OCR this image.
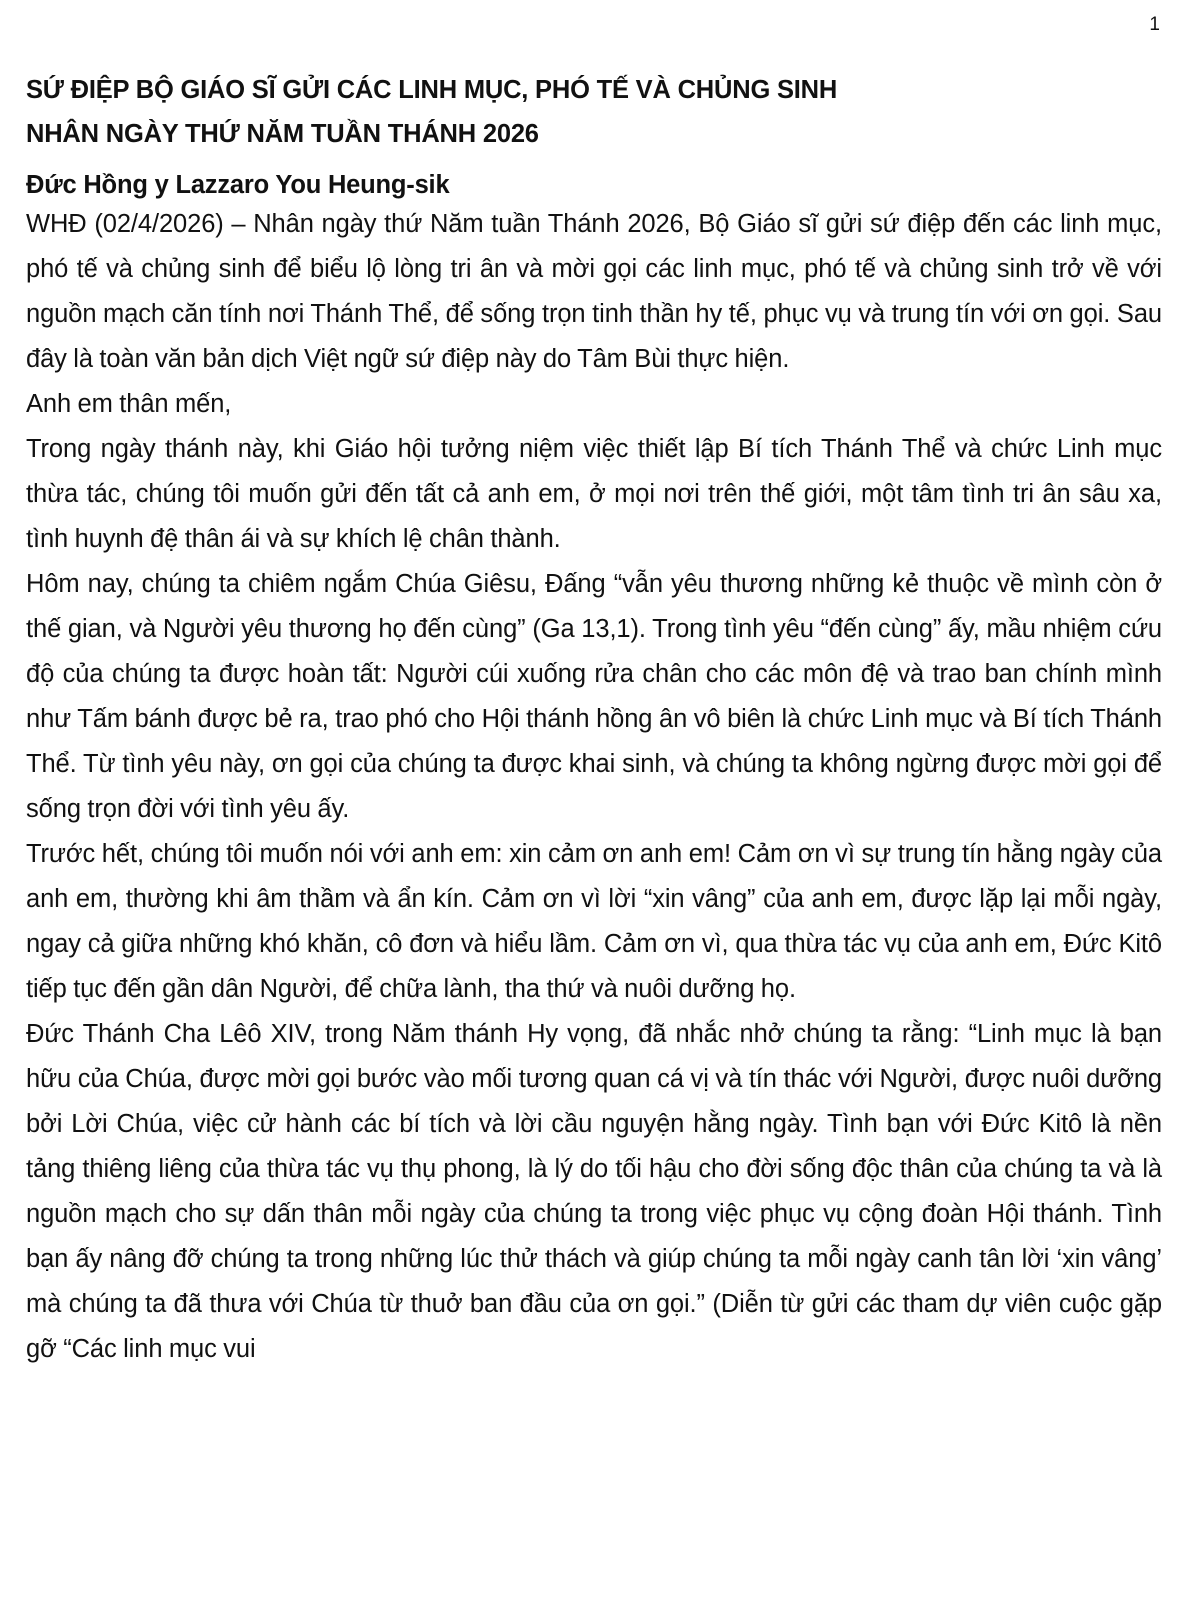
1
SỨ ĐIỆP BỘ GIÁO SĨ GỬI CÁC LINH MỤC, PHÓ TẾ VÀ CHỦNG SINH
NHÂN NGÀY THỨ NĂM TUẦN THÁNH 2026
Đức Hồng y Lazzaro You Heung-sik

WHĐ (02/4/2026) – Nhân ngày thứ Năm tuần Thánh 2026, Bộ Giáo sĩ gửi sứ điệp đến các linh mục, phó tế và chủng sinh để biểu lộ lòng tri ân và mời gọi các linh mục, phó tế và chủng sinh trở về với nguồn mạch căn tính nơi Thánh Thể, để sống trọn tinh thần hy tế, phục vụ và trung tín với ơn gọi. Sau đây là toàn văn bản dịch Việt ngữ sứ điệp này do Tâm Bùi thực hiện.

Anh em thân mến,

Trong ngày thánh này, khi Giáo hội tưởng niệm việc thiết lập Bí tích Thánh Thể và chức Linh mục thừa tác, chúng tôi muốn gửi đến tất cả anh em, ở mọi nơi trên thế giới, một tâm tình tri ân sâu xa, tình huynh đệ thân ái và sự khích lệ chân thành.

Hôm nay, chúng ta chiêm ngắm Chúa Giêsu, Đấng “vẫn yêu thương những kẻ thuộc về mình còn ở thế gian, và Người yêu thương họ đến cùng” (Ga 13,1). Trong tình yêu “đến cùng” ấy, mầu nhiệm cứu độ của chúng ta được hoàn tất: Người cúi xuống rửa chân cho các môn đệ và trao ban chính mình như Tấm bánh được bẻ ra, trao phó cho Hội thánh hồng ân vô biên là chức Linh mục và Bí tích Thánh Thể. Từ tình yêu này, ơn gọi của chúng ta được khai sinh, và chúng ta không ngừng được mời gọi để sống trọn đời với tình yêu ấy.

Trước hết, chúng tôi muốn nói với anh em: xin cảm ơn anh em! Cảm ơn vì sự trung tín hằng ngày của anh em, thường khi âm thầm và ẩn kín. Cảm ơn vì lời “xin vâng” của anh em, được lặp lại mỗi ngày, ngay cả giữa những khó khăn, cô đơn và hiểu lầm. Cảm ơn vì, qua thừa tác vụ của anh em, Đức Kitô tiếp tục đến gần dân Người, để chữa lành, tha thứ và nuôi dưỡng họ.

Đức Thánh Cha Lêô XIV, trong Năm thánh Hy vọng, đã nhắc nhở chúng ta rằng: “Linh mục là bạn hữu của Chúa, được mời gọi bước vào mối tương quan cá vị và tín thác với Người, được nuôi dưỡng bởi Lời Chúa, việc cử hành các bí tích và lời cầu nguyện hằng ngày. Tình bạn với Đức Kitô là nền tảng thiêng liêng của thừa tác vụ thụ phong, là lý do tối hậu cho đời sống độc thân của chúng ta và là nguồn mạch cho sự dấn thân mỗi ngày của chúng ta trong việc phục vụ cộng đoàn Hội thánh. Tình bạn ấy nâng đỡ chúng ta trong những lúc thử thách và giúp chúng ta mỗi ngày canh tân lời ‘xin vâng’ mà chúng ta đã thưa với Chúa từ thuở ban đầu của ơn gọi.” (Diễn từ gửi các tham dự viên cuộc gặp gỡ “Các linh mục vui
